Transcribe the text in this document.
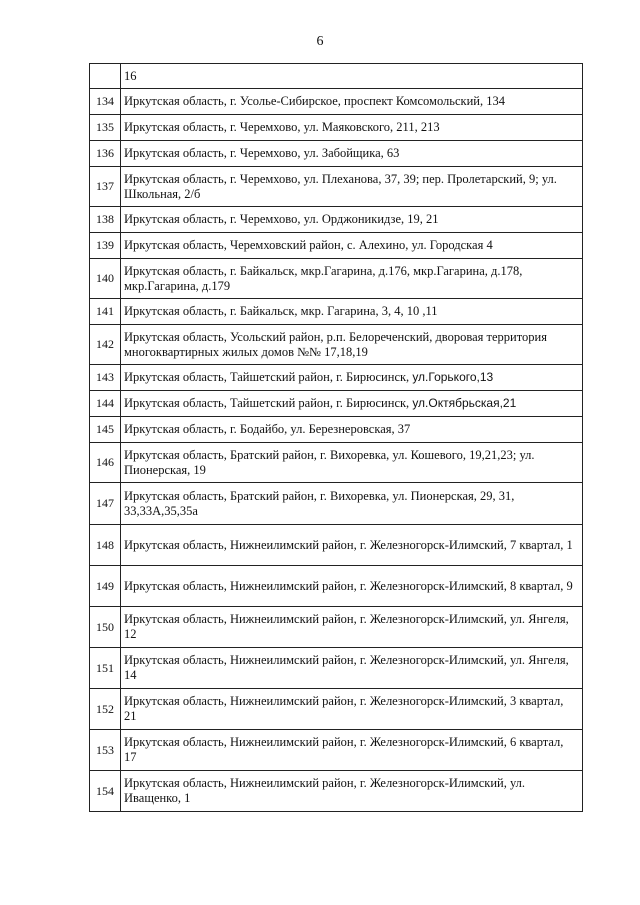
6
	16
134	Иркутская область, г. Усолье-Сибирское, проспект Комсомольский, 134
135	Иркутская область, г. Черемхово, ул. Маяковского, 211, 213
136	Иркутская область, г. Черемхово, ул. Забойщика, 63
137	Иркутская область, г. Черемхово, ул. Плеханова, 37, 39; пер. Пролетарский, 9; ул. Школьная, 2/б
138	Иркутская область, г. Черемхово, ул. Орджоникидзе, 19, 21
139	Иркутская область, Черемховский район, с. Алехино, ул. Городская 4
140	Иркутская область, г. Байкальск, мкр.Гагарина, д.176, мкр.Гагарина, д.178, мкр.Гагарина, д.179
141	Иркутская область, г. Байкальск, мкр. Гагарина, 3, 4, 10 ,11
142	Иркутская область, Усольский район, р.п. Белореченский, дворовая территория многоквартирных жилых домов №№ 17,18,19
143	Иркутская область, Тайшетский район, г. Бирюсинск, ул.Горького,13
144	Иркутская область, Тайшетский район, г. Бирюсинск, ул.Октябрьская,21
145	Иркутская область, г. Бодайбо, ул. Березнеровская, 37
146	Иркутская область, Братский район, г. Вихоревка, ул. Кошевого, 19,21,23; ул. Пионерская, 19
147	Иркутская область, Братский район, г. Вихоревка, ул. Пионерская, 29, 31, 33,33А,35,35а
148	Иркутская область, Нижнеилимский район, г. Железногорск-Илимский, 7 квартал, 1
149	Иркутская область, Нижнеилимский район, г. Железногорск-Илимский, 8 квартал, 9
150	Иркутская область, Нижнеилимский район, г. Железногорск-Илимский, ул. Янгеля, 12
151	Иркутская область, Нижнеилимский район, г. Железногорск-Илимский, ул. Янгеля, 14
152	Иркутская область, Нижнеилимский район, г. Железногорск-Илимский, 3 квартал, 21
153	Иркутская область, Нижнеилимский район, г. Железногорск-Илимский, 6 квартал, 17
154	Иркутская область, Нижнеилимский район, г. Железногорск-Илимский, ул. Иващенко, 1
